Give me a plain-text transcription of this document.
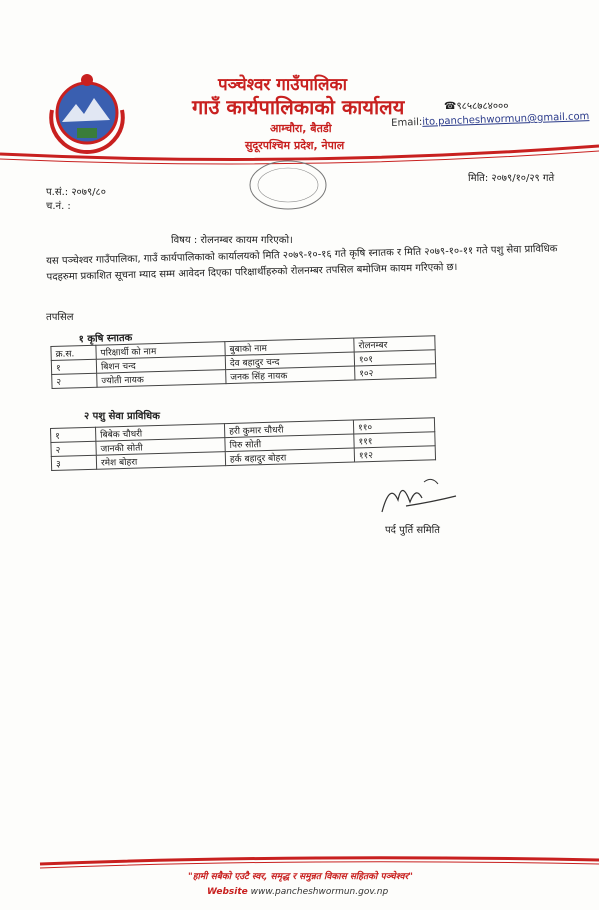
पञ्चेश्वर गाउँपालिका
गाउँ कार्यपालिकाको कार्यालय
आम्चौरा, बैतडी
सुदूरपश्चिम प्रदेश, नेपाल
☎९८५८७८४०००
Email:ito.pancheshwormun@gmail.com
प.सं.: २०७९/८०
च.नं. :
मिति: २०७९/१०/२९ गते
विषय : रोलनम्बर कायम गरिएको।
यस पञ्चेश्वर गाउँपालिका, गाउँ कार्यपालिकाको कार्यालयको मिति २०७९-१०-१६ गते कृषि स्नातक र मिति २०७९-१०-११ गते पशु सेवा प्राविधिक पदहरुमा प्रकाशित सूचना म्याद सम्म आवेदन दिएका परिक्षार्थीहरुको रोलनम्बर तपसिल बमोजिम कायम गरिएको छ।
तपसिल
१ कृषि स्नातक			
क्र.स.	परिक्षार्थी को नाम	बुबाको नाम	रोलनम्बर
१	बिशन चन्द	देव बहादुर चन्द	१०१
२	ज्योती नायक	जनक सिंह नायक	१०२
२ पशु सेवा प्राविधिक
१	बिबेक चौधरी	हरी कुमार चौधरी	११०
२	जानकी सोती	पिरु सोती	१११
३	रमेश बोहरा	हर्क बहादुर बोहरा	११२
पर्द पुर्ति समिति
"हामी सबैको एउटै स्वर, समृद्ध र समुन्नत विकास सहितको पञ्चेश्वर"
Website www.pancheshwormun.gov.np
